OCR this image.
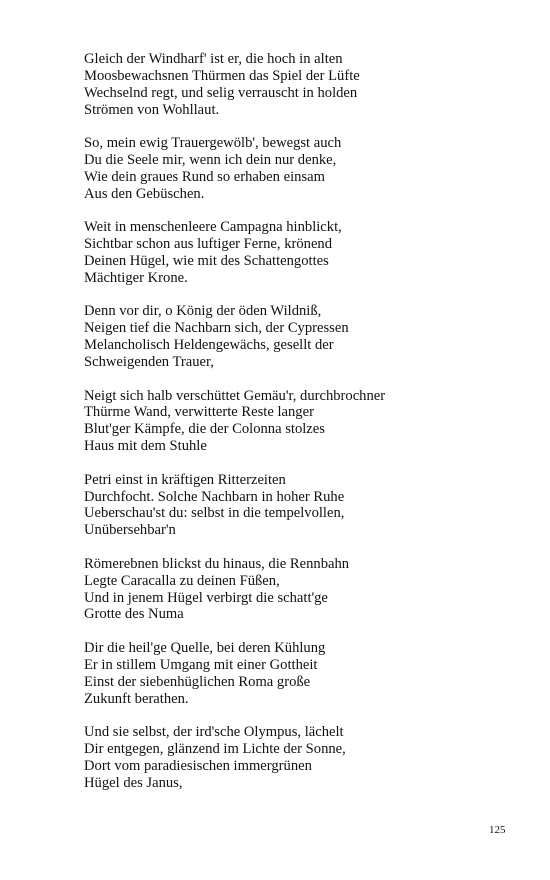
Gleich der Windharf' ist er, die hoch in alten
Moosbewachsnen Thürmen das Spiel der Lüfte
Wechselnd regt, und selig verrauscht in holden
Strömen von Wohllaut.
So, mein ewig Trauergewölb', bewegst auch
Du die Seele mir, wenn ich dein nur denke,
Wie dein graues Rund so erhaben einsam
Aus den Gebüschen.
Weit in menschenleere Campagna hinblickt,
Sichtbar schon aus luftiger Ferne, krönend
Deinen Hügel, wie mit des Schattengottes
Mächtiger Krone.
Denn vor dir, o König der öden Wildniß,
Neigen tief die Nachbarn sich, der Cypressen
Melancholisch Heldengewächs, gesellt der
Schweigenden Trauer,
Neigt sich halb verschüttet Gemäu'r, durchbrochner
Thürme Wand, verwitterte Reste langer
Blut'ger Kämpfe, die der Colonna stolzes
Haus mit dem Stuhle
Petri einst in kräftigen Ritterzeiten
Durchfocht. Solche Nachbarn in hoher Ruhe
Ueberschau'st du: selbst in die tempelvollen,
Unübersehbar'n
Römerebnen blickst du hinaus, die Rennbahn
Legte Caracalla zu deinen Füßen,
Und in jenem Hügel verbirgt die schatt'ge
Grotte des Numa
Dir die heil'ge Quelle, bei deren Kühlung
Er in stillem Umgang mit einer Gottheit
Einst der siebenhüglichen Roma große
Zukunft berathen.
Und sie selbst, der ird'sche Olympus, lächelt
Dir entgegen, glänzend im Lichte der Sonne,
Dort vom paradiesischen immergrünen
Hügel des Janus,
125
